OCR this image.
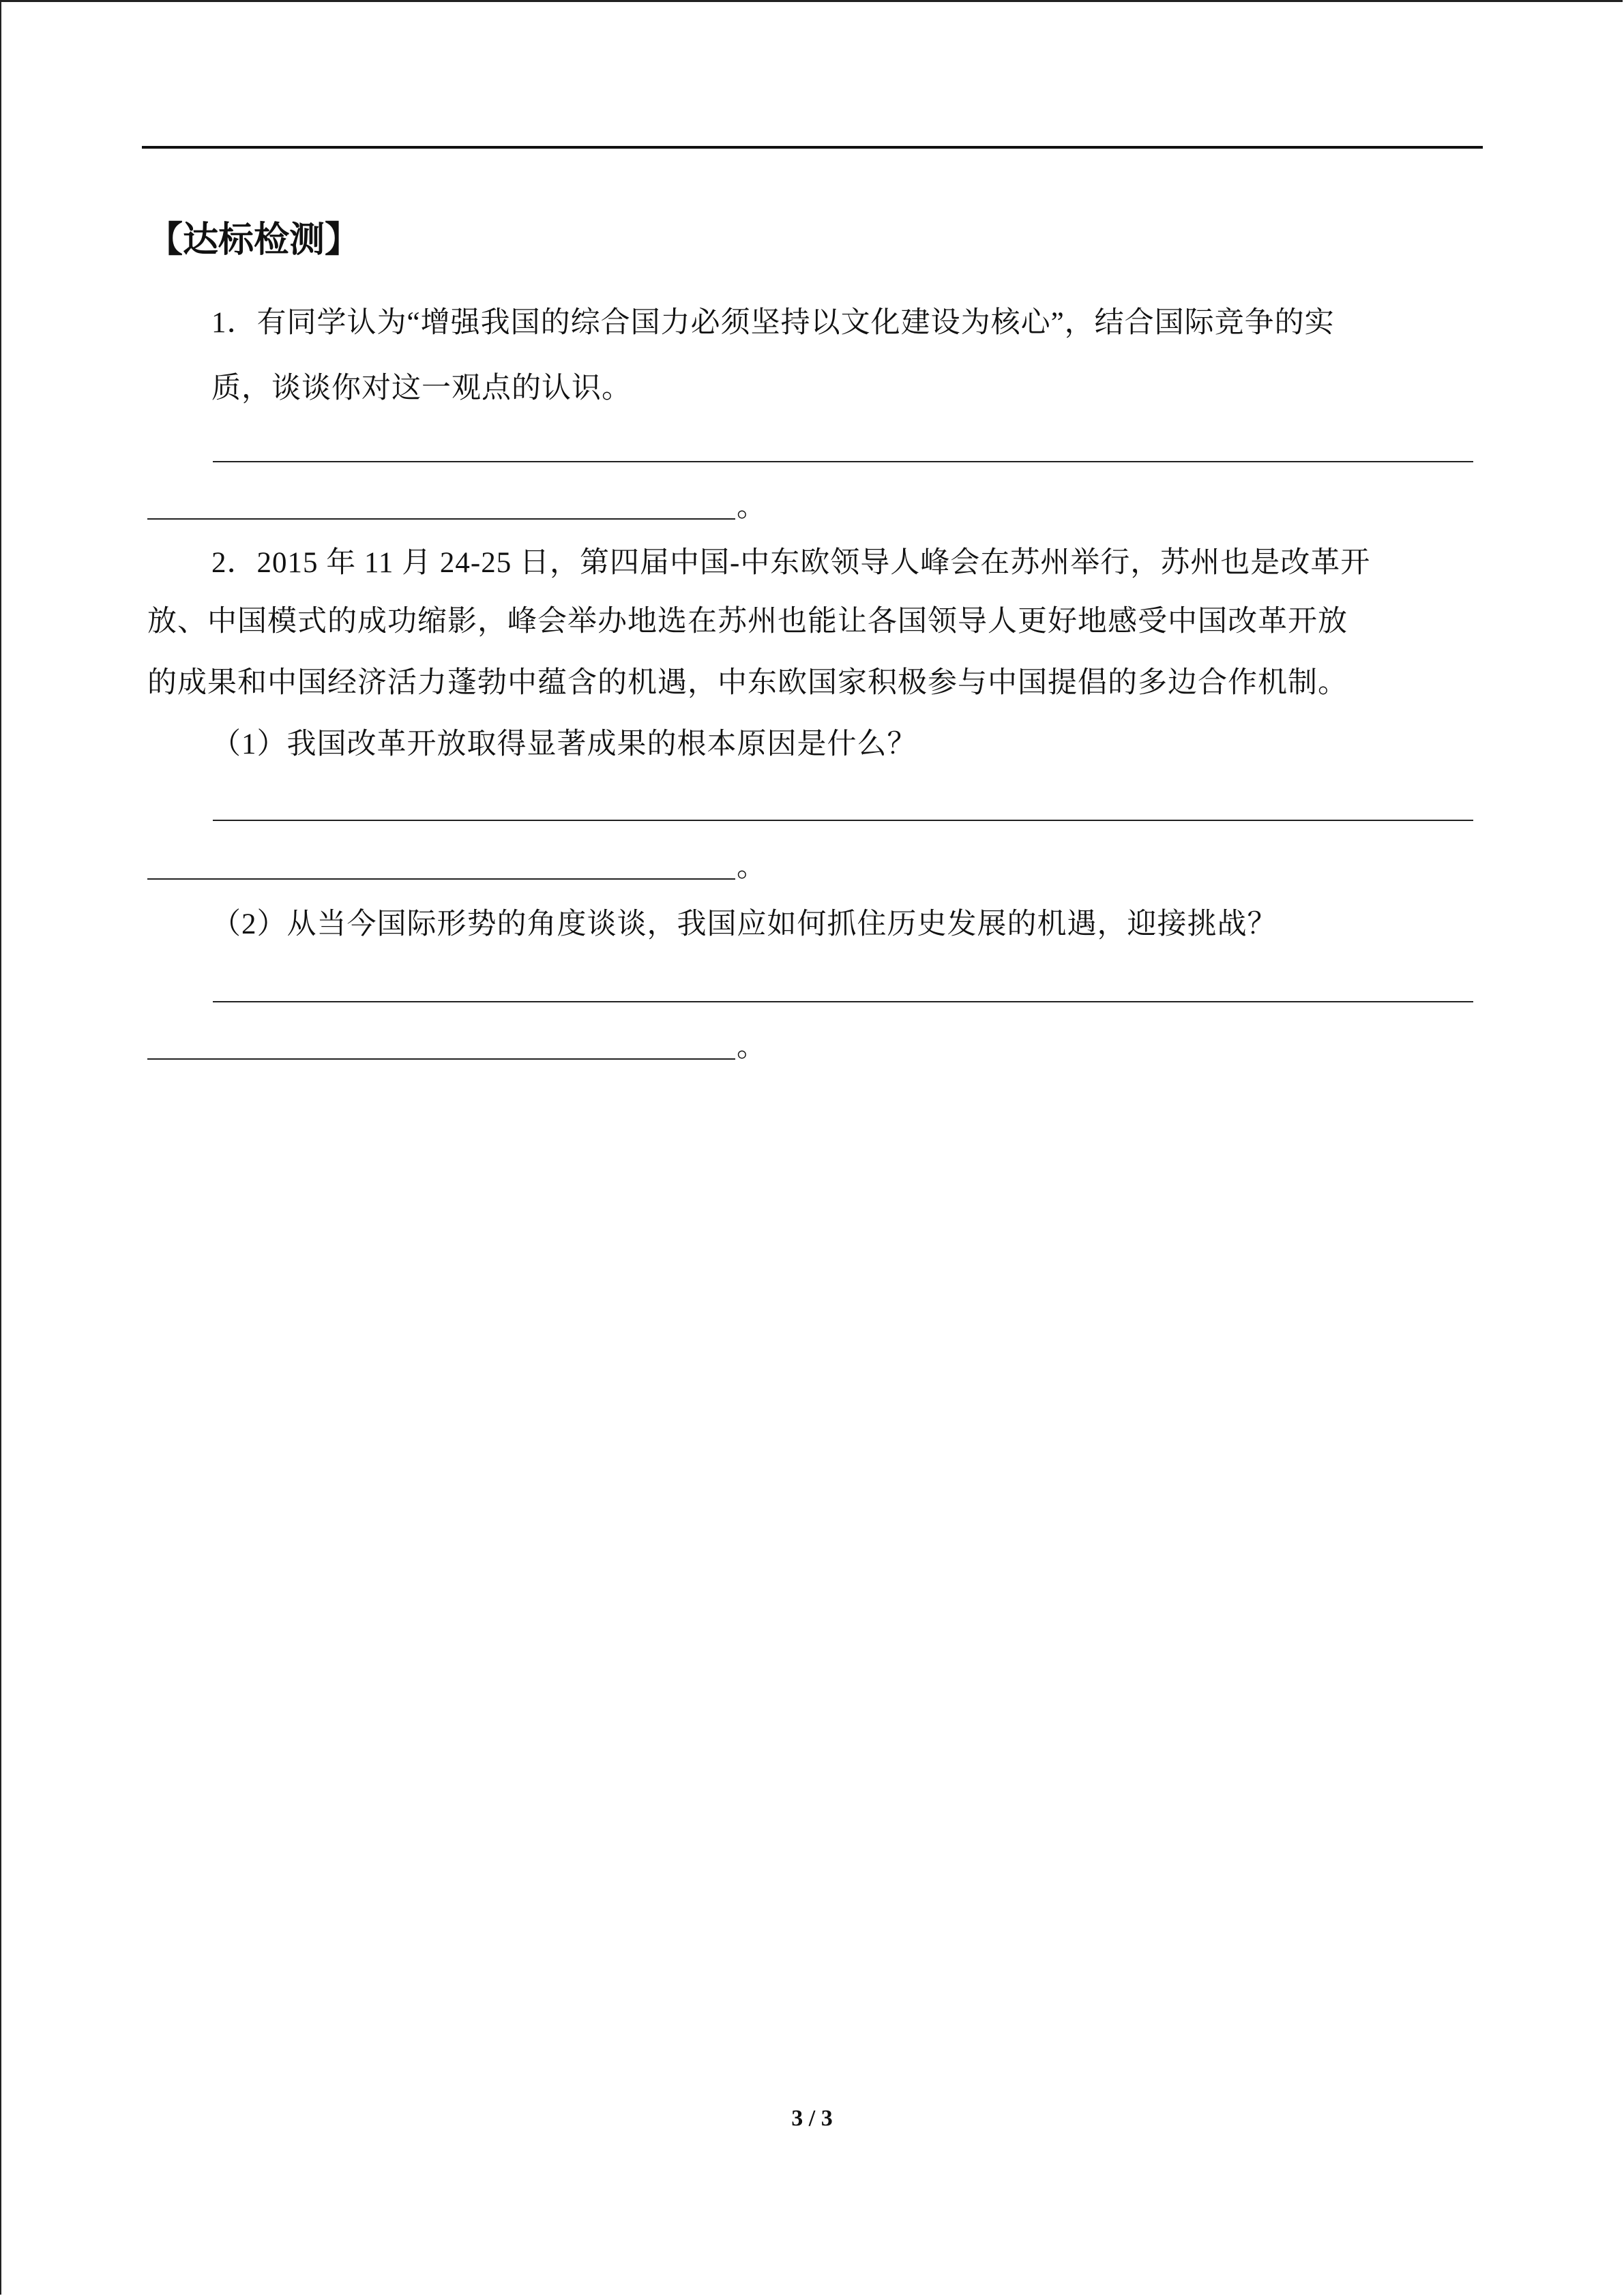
【达标检测】
1．有同学认为“增强我国的综合国力必须坚持以文化建设为核心”，结合国际竞争的实
质，谈谈你对这一观点的认识。
。
2．2015 年 11 月 24-25 日，第四届中国-中东欧领导人峰会在苏州举行，苏州也是改革开
放、中国模式的成功缩影，峰会举办地选在苏州也能让各国领导人更好地感受中国改革开放
的成果和中国经济活力蓬勃中蕴含的机遇，中东欧国家积极参与中国提倡的多边合作机制。
（1）我国改革开放取得显著成果的根本原因是什么？
。
（2）从当今国际形势的角度谈谈，我国应如何抓住历史发展的机遇，迎接挑战？
。
3 / 3
